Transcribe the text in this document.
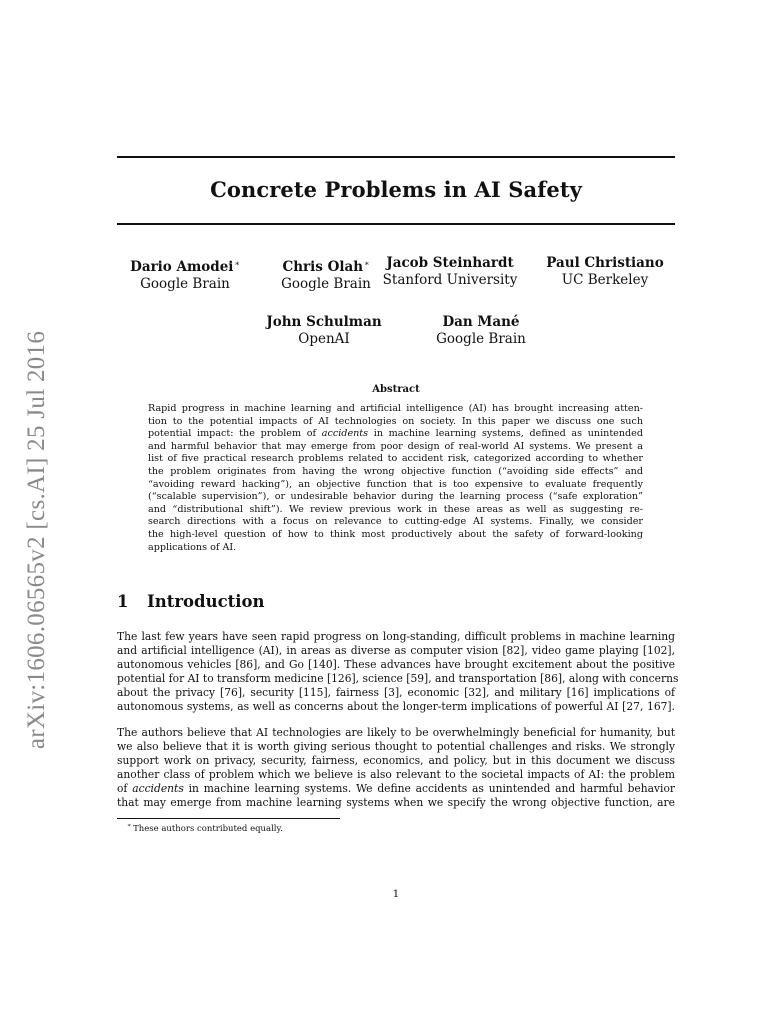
arXiv:1606.06565v2 [cs.AI] 25 Jul 2016
Concrete Problems in AI Safety
Dario Amodei∗
Google Brain
Chris Olah∗
Google Brain
Jacob Steinhardt
Stanford University
Paul Christiano
UC Berkeley
John Schulman
OpenAI
Dan Mané
Google Brain
Abstract
Rapid progress in machine learning and artificial intelligence (AI) has brought increasing atten-
tion to the potential impacts of AI technologies on society. In this paper we discuss one such
potential impact: the problem of accidents in machine learning systems, defined as unintended
and harmful behavior that may emerge from poor design of real-world AI systems. We present a
list of five practical research problems related to accident risk, categorized according to whether
the problem originates from having the wrong objective function (“avoiding side effects” and
“avoiding reward hacking”), an objective function that is too expensive to evaluate frequently
(“scalable supervision”), or undesirable behavior during the learning process (“safe exploration”
and “distributional shift”). We review previous work in these areas as well as suggesting re-
search directions with a focus on relevance to cutting-edge AI systems. Finally, we consider
the high-level question of how to think most productively about the safety of forward-looking
applications of AI.
1 Introduction
The last few years have seen rapid progress on long-standing, difficult problems in machine learning
and artificial intelligence (AI), in areas as diverse as computer vision [82], video game playing [102],
autonomous vehicles [86], and Go [140]. These advances have brought excitement about the positive
potential for AI to transform medicine [126], science [59], and transportation [86], along with concerns
about the privacy [76], security [115], fairness [3], economic [32], and military [16] implications of
autonomous systems, as well as concerns about the longer-term implications of powerful AI [27, 167].
The authors believe that AI technologies are likely to be overwhelmingly beneficial for humanity, but
we also believe that it is worth giving serious thought to potential challenges and risks. We strongly
support work on privacy, security, fairness, economics, and policy, but in this document we discuss
another class of problem which we believe is also relevant to the societal impacts of AI: the problem
of accidents in machine learning systems. We define accidents as unintended and harmful behavior
that may emerge from machine learning systems when we specify the wrong objective function, are
∗ These authors contributed equally.
1
